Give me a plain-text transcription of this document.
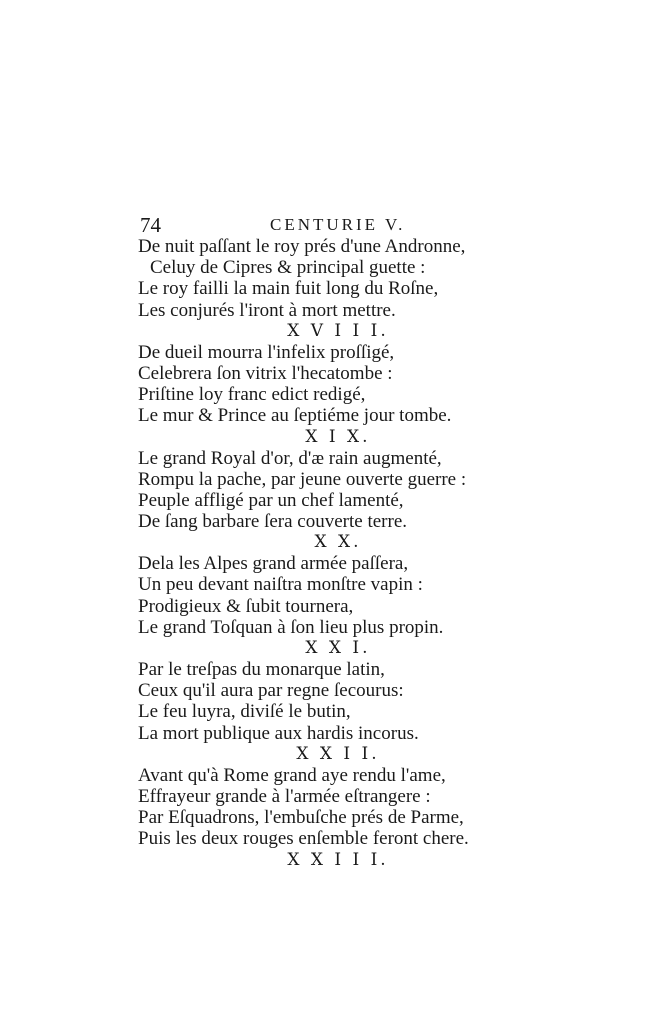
74	CENTURIE V.
De nuit paſſant le roy prés d'une Andronne,
Celuy de Cipres & principal guette :
Le roy failli la main fuit long du Roſne,
Les conjurés l'iront à mort mettre.
X V I I I.
De dueil mourra l'infelix proſſigé,
Celebrera ſon vitrix l'hecatombe :
Priſtine loy franc edict redigé,
Le mur & Prince au ſeptiéme jour tombe.
X I X.
Le grand Royal d'or, d'æ rain augmenté,
Rompu la pache, par jeune ouverte guerre :
Peuple affligé par un chef lamenté,
De ſang barbare ſera couverte terre.
X X.
Dela les Alpes grand armée paſſera,
Un peu devant naiſtra monſtre vapin :
Prodigieux & ſubit tournera,
Le grand Toſquan à ſon lieu plus propin.
X X I.
Par le treſpas du monarque latin,
Ceux qu'il aura par regne ſecourus:
Le feu luyra, diviſé le butin,
La mort publique aux hardis incorus.
X X I I.
Avant qu'à Rome grand aye rendu l'ame,
Effrayeur grande à l'armée eſtrangere :
Par Eſquadrons, l'embuſche prés de Parme,
Puis les deux rouges enſemble feront chere.
X X I I I.
